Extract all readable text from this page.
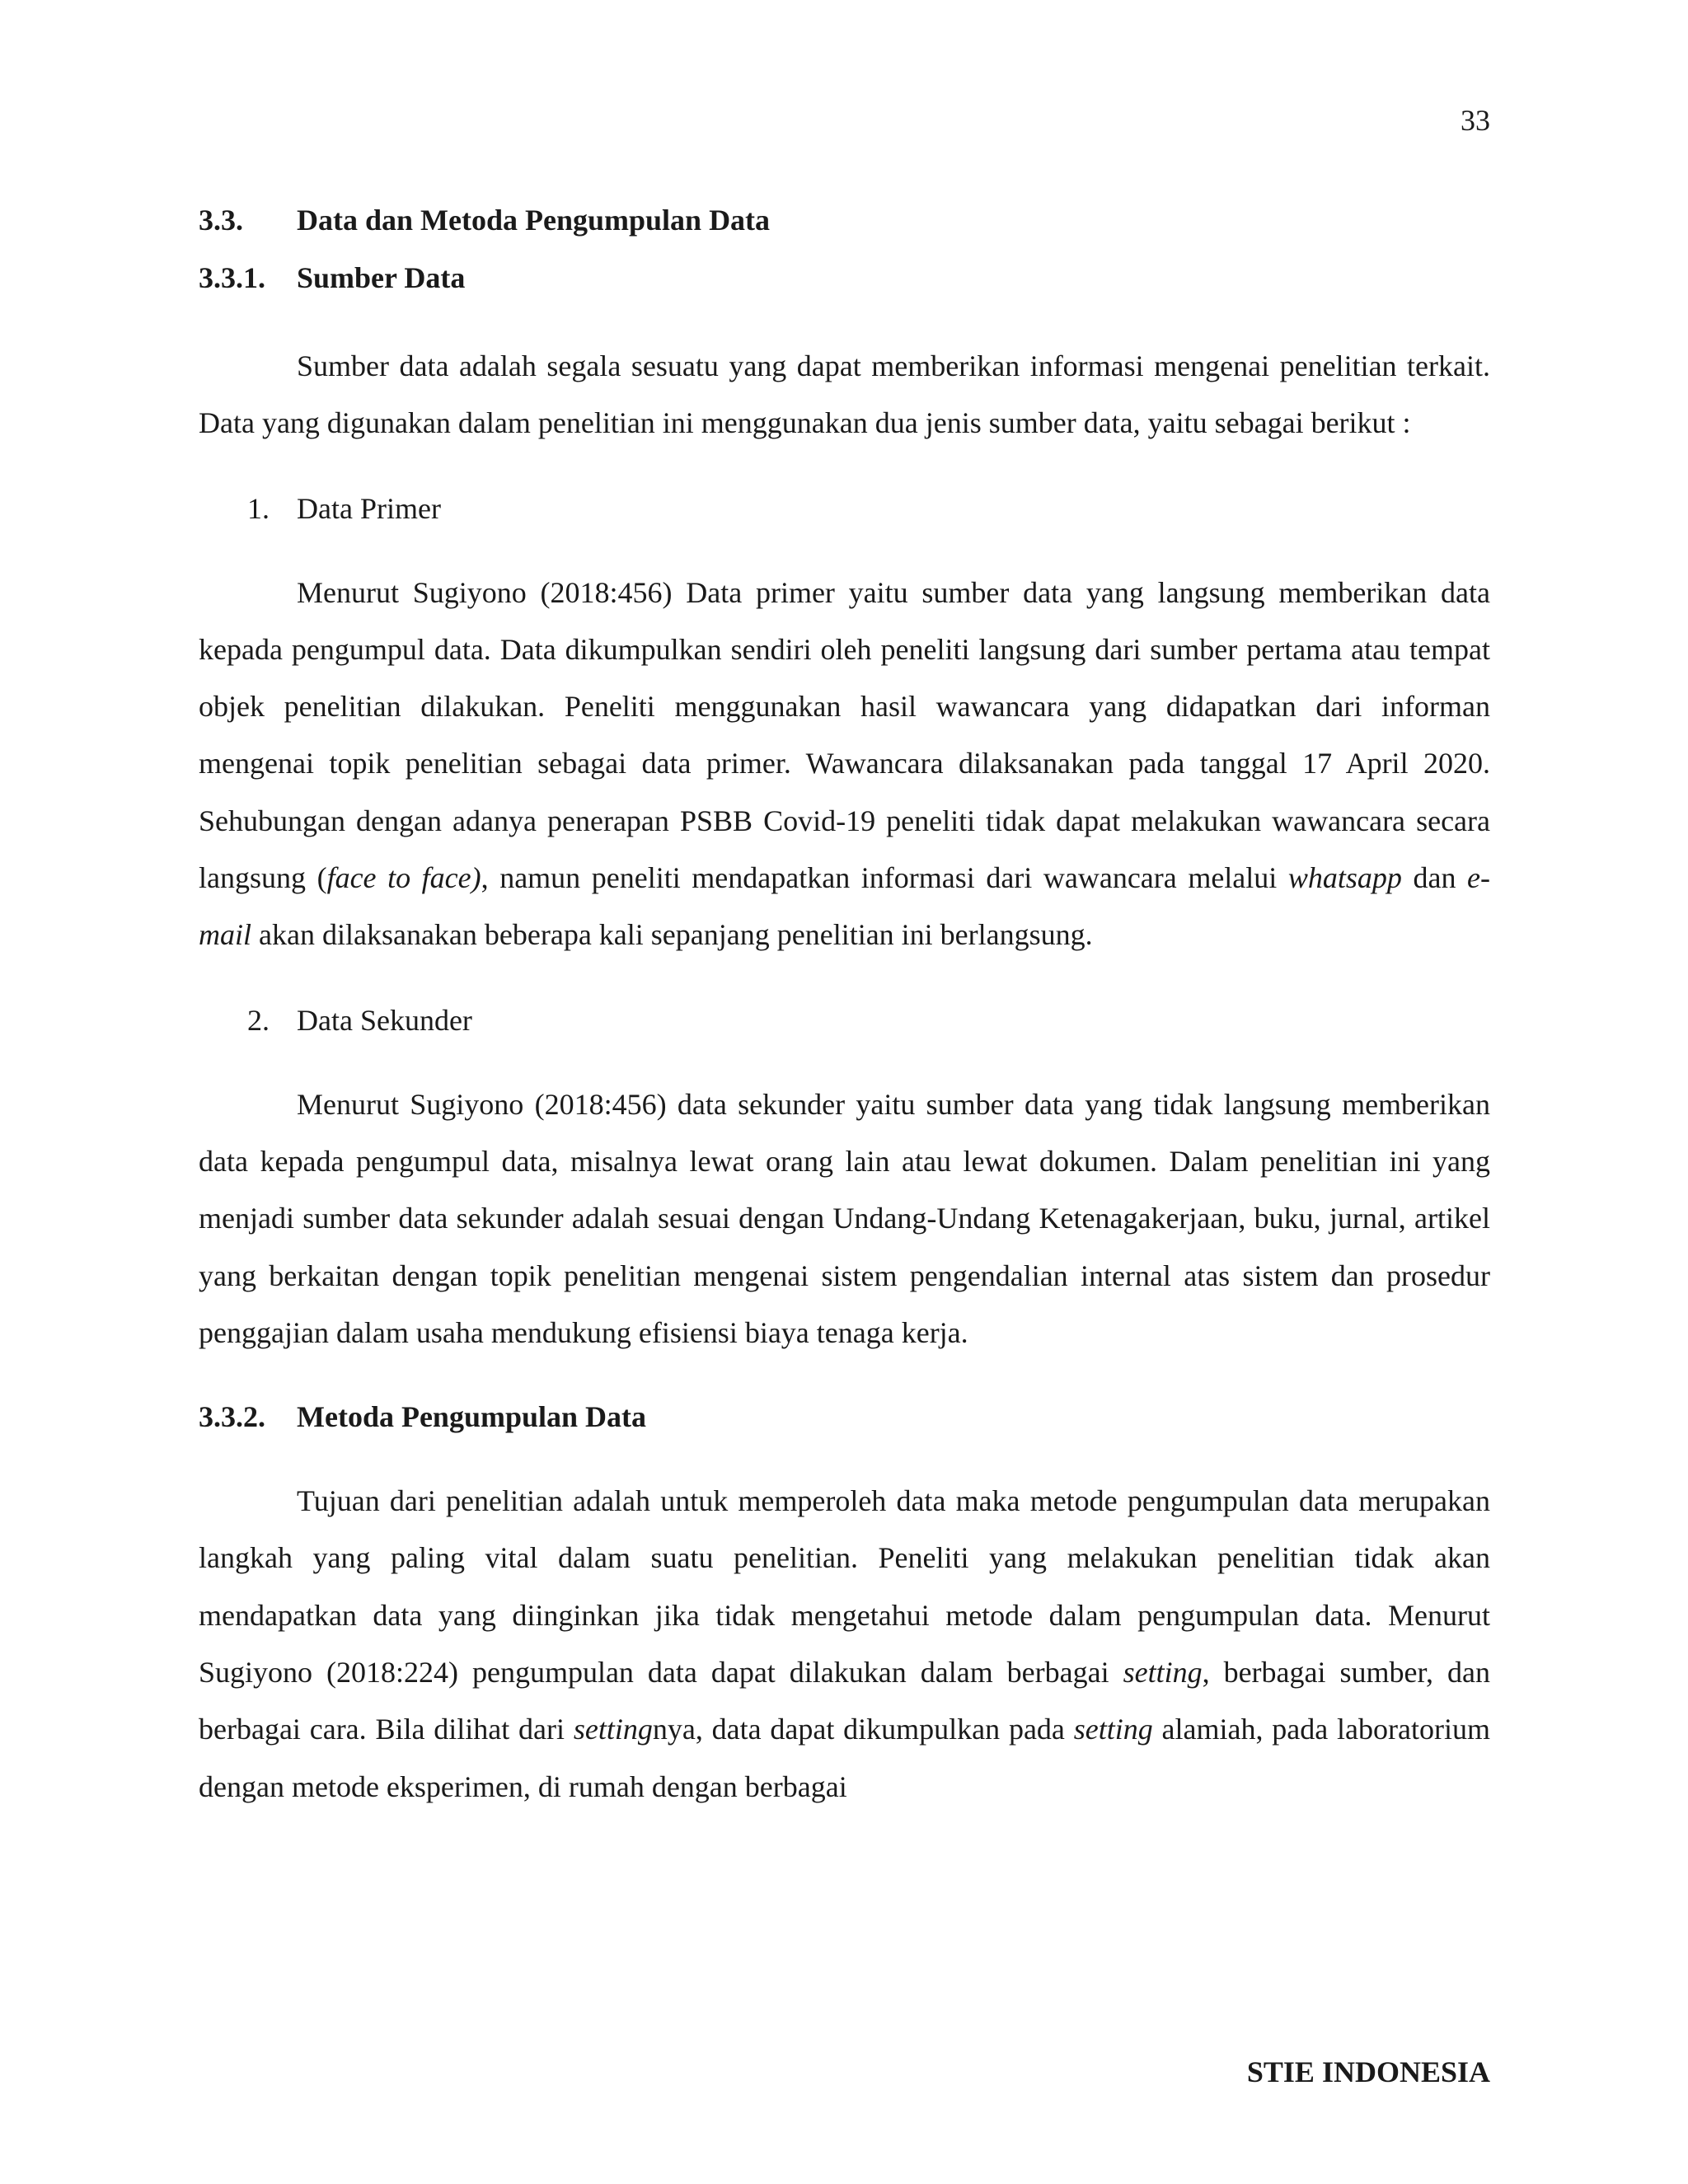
33
3.3.	Data dan Metoda Pengumpulan Data
3.3.1.	Sumber Data

Sumber data adalah segala sesuatu yang dapat memberikan informasi mengenai penelitian terkait. Data yang digunakan dalam penelitian ini menggunakan dua jenis sumber data, yaitu sebagai berikut :

1. Data Primer

Menurut Sugiyono (2018:456) Data primer yaitu sumber data yang langsung memberikan data kepada pengumpul data. Data dikumpulkan sendiri oleh peneliti langsung dari sumber pertama atau tempat objek penelitian dilakukan. Peneliti menggunakan hasil wawancara yang didapatkan dari informan mengenai topik penelitian sebagai data primer. Wawancara dilaksanakan pada tanggal 17 April 2020. Sehubungan dengan adanya penerapan PSBB Covid-19 peneliti tidak dapat melakukan wawancara secara langsung (face to face), namun peneliti mendapatkan informasi dari wawancara melalui whatsapp dan e-mail akan dilaksanakan beberapa kali sepanjang penelitian ini berlangsung.

2. Data Sekunder

Menurut Sugiyono (2018:456) data sekunder yaitu sumber data yang tidak langsung memberikan data kepada pengumpul data, misalnya lewat orang lain atau lewat dokumen. Dalam penelitian ini yang menjadi sumber data sekunder adalah sesuai dengan Undang-Undang Ketenagakerjaan, buku, jurnal, artikel yang berkaitan dengan topik penelitian mengenai sistem pengendalian internal atas sistem dan prosedur penggajian dalam usaha mendukung efisiensi biaya tenaga kerja.

3.3.2.	Metoda Pengumpulan Data

Tujuan dari penelitian adalah untuk memperoleh data maka metode pengumpulan data merupakan langkah yang paling vital dalam suatu penelitian. Peneliti yang melakukan penelitian tidak akan mendapatkan data yang diinginkan jika tidak mengetahui metode dalam pengumpulan data. Menurut Sugiyono (2018:224) pengumpulan data dapat dilakukan dalam berbagai setting, berbagai sumber, dan berbagai cara. Bila dilihat dari settingnya, data dapat dikumpulkan pada setting alamiah, pada laboratorium dengan metode eksperimen, di rumah dengan berbagai

STIE INDONESIA
